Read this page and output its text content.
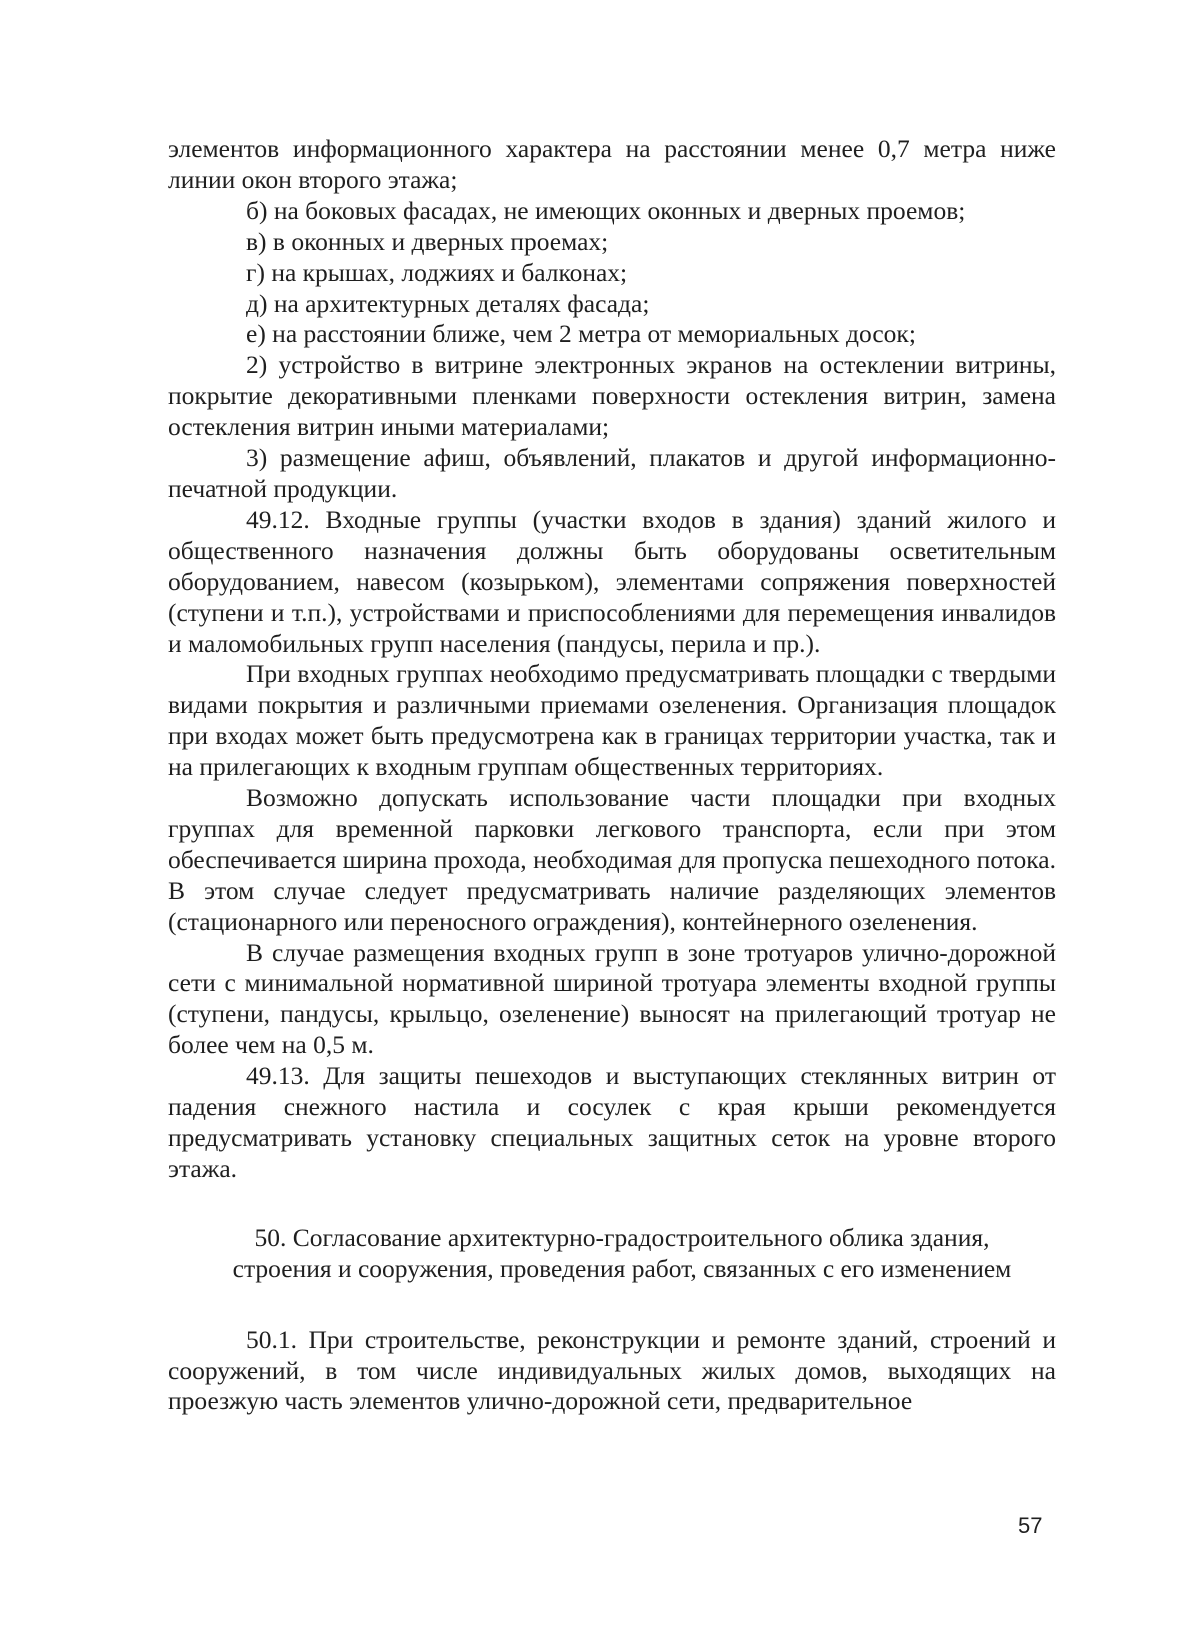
элементов информационного характера на расстоянии менее 0,7 метра ниже линии окон второго этажа;

б) на боковых фасадах, не имеющих оконных и дверных проемов;

в) в оконных и дверных проемах;

г) на крышах, лоджиях и балконах;

д) на архитектурных деталях фасада;

е) на расстоянии ближе, чем 2 метра от мемориальных досок;

2) устройство в витрине электронных экранов на остеклении витрины, покрытие декоративными пленками поверхности остекления витрин, замена остекления витрин иными материалами;

3) размещение афиш, объявлений, плакатов и другой информационно-печатной продукции.

49.12. Входные группы (участки входов в здания) зданий жилого и общественного назначения должны быть оборудованы осветительным оборудованием, навесом (козырьком), элементами сопряжения поверхностей (ступени и т.п.), устройствами и приспособлениями для перемещения инвалидов и маломобильных групп населения (пандусы, перила и пр.).

При входных группах необходимо предусматривать площадки с твердыми видами покрытия и различными приемами озеленения. Организация площадок при входах может быть предусмотрена как в границах территории участка, так и на прилегающих к входным группам общественных территориях.

Возможно допускать использование части площадки при входных группах для временной парковки легкового транспорта, если при этом обеспечивается ширина прохода, необходимая для пропуска пешеходного потока. В этом случае следует предусматривать наличие разделяющих элементов (стационарного или переносного ограждения), контейнерного озеленения.

В случае размещения входных групп в зоне тротуаров улично-дорожной сети с минимальной нормативной шириной тротуара элементы входной группы (ступени, пандусы, крыльцо, озеленение) выносят на прилегающий тротуар не более чем на 0,5 м.

49.13. Для защиты пешеходов и выступающих стеклянных витрин от падения снежного настила и сосулек с края крыши рекомендуется предусматривать установку специальных защитных сеток на уровне второго этажа.

50. Согласование архитектурно-градостроительного облика здания,
строения и сооружения, проведения работ, связанных с его изменением

50.1. При строительстве, реконструкции и ремонте зданий, строений и сооружений, в том числе индивидуальных жилых домов, выходящих на проезжую часть элементов улично-дорожной сети, предварительное

57
